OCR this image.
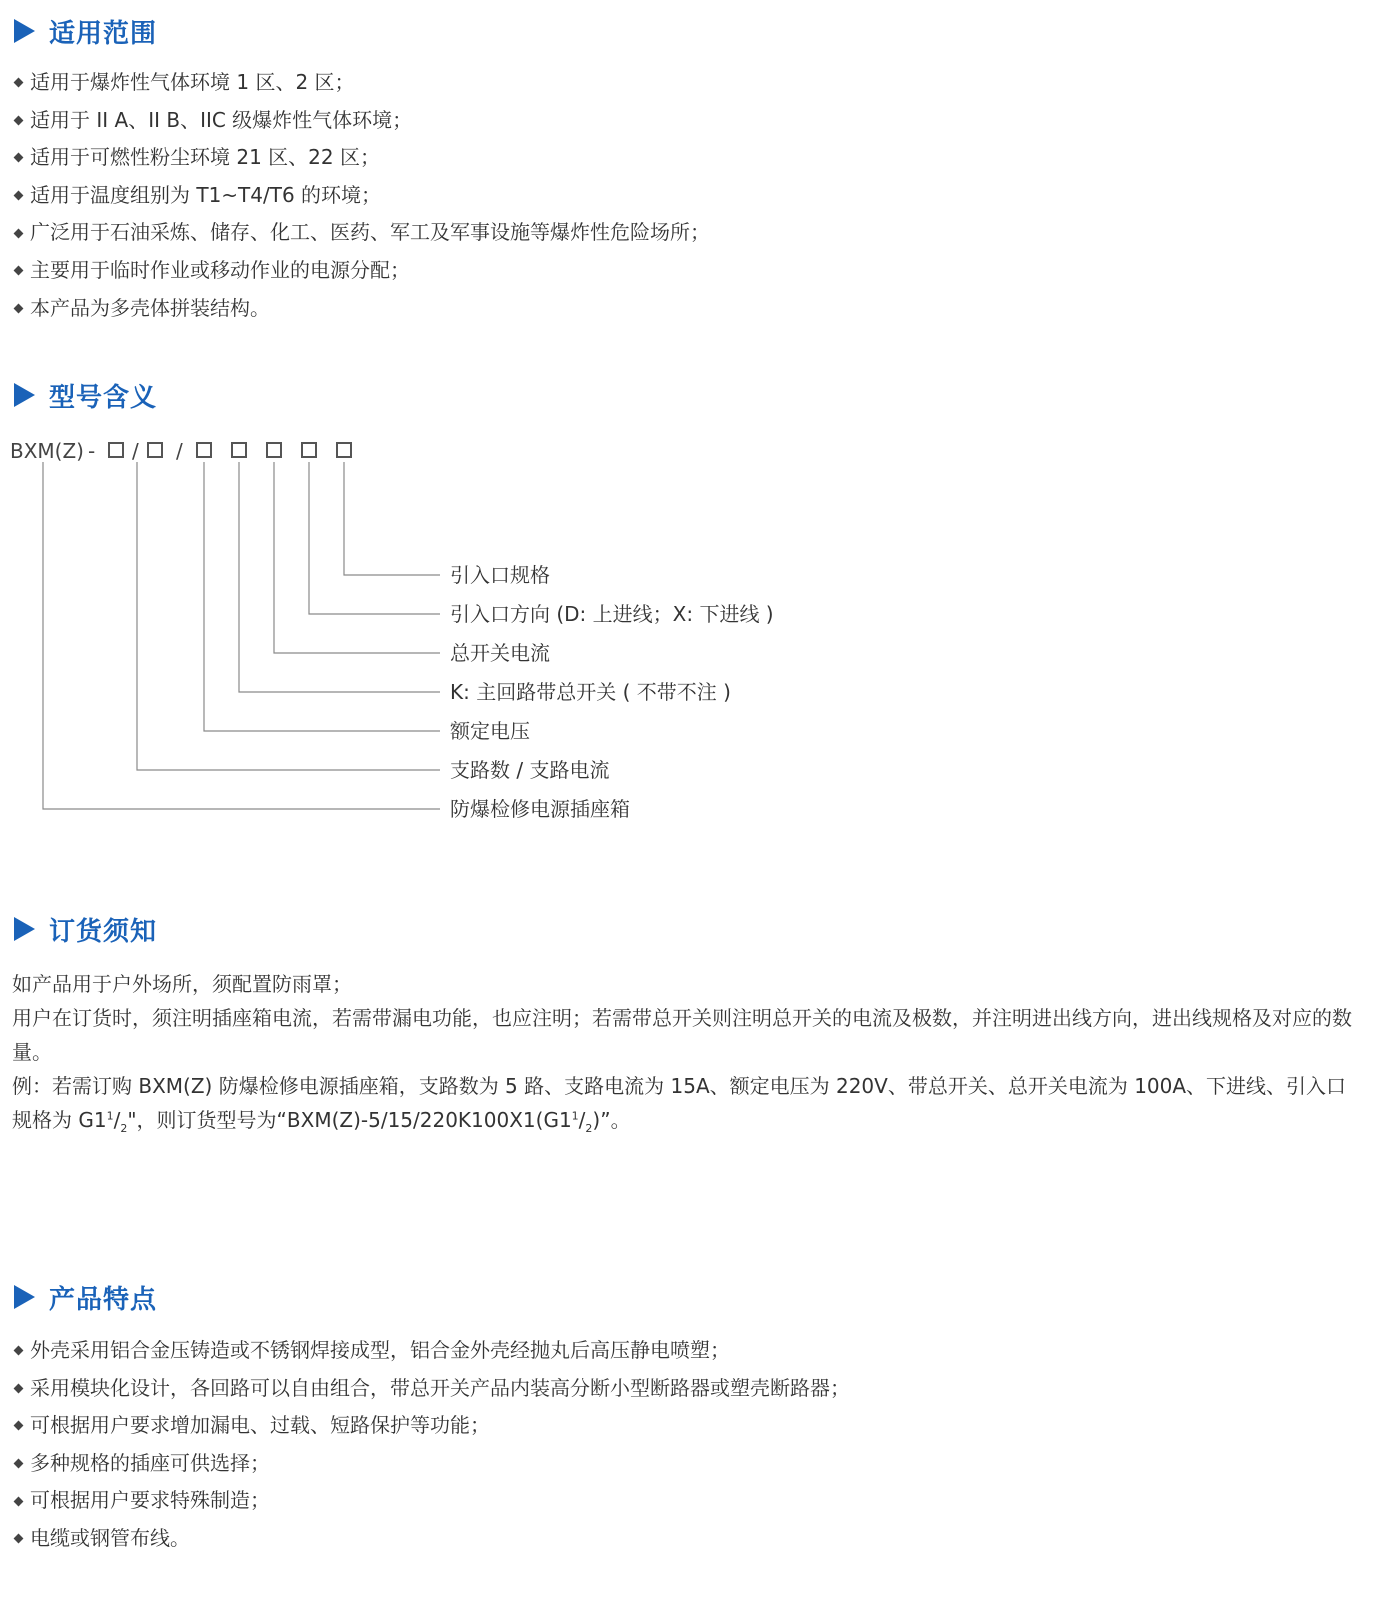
适用范围
适用于爆炸性气体环境 1 区、2 区；
适用于 II A、II B、IIC 级爆炸性气体环境；
适用于可燃性粉尘环境 21 区、22 区；
适用于温度组别为 T1~T4/T6 的环境；
广泛用于石油采炼、储存、化工、医药、军工及军事设施等爆炸性危险场所；
主要用于临时作业或移动作业的电源分配；
本产品为多壳体拼装结构。
型号含义
BXM(Z) - / /
引入口规格
引入口方向 (D: 上进线；X: 下进线 )
总开关电流
K: 主回路带总开关 ( 不带不注 )
额定电压
支路数 / 支路电流
防爆检修电源插座箱
订货须知
如产品用于户外场所，须配置防雨罩；
用户在订货时，须注明插座箱电流，若需带漏电功能，也应注明；若需带总开关则注明总开关的电流及极数，并注明进出线方向，进出线规格及对应的数量。
例：若需订购 BXM(Z) 防爆检修电源插座箱，支路数为 5 路、支路电流为 15A、额定电压为 220V、带总开关、总开关电流为 100A、下进线、引入口规格为 $G1^1/_2$"，则订货型号为“$BXM(Z)-5/15/220K100X1(G1^1/_2)$”。
产品特点
外壳采用铝合金压铸造或不锈钢焊接成型，铝合金外壳经抛丸后高压静电喷塑；
采用模块化设计，各回路可以自由组合，带总开关产品内装高分断小型断路器或塑壳断路器；
可根据用户要求增加漏电、过载、短路保护等功能；
多种规格的插座可供选择；
可根据用户要求特殊制造；
电缆或钢管布线。
